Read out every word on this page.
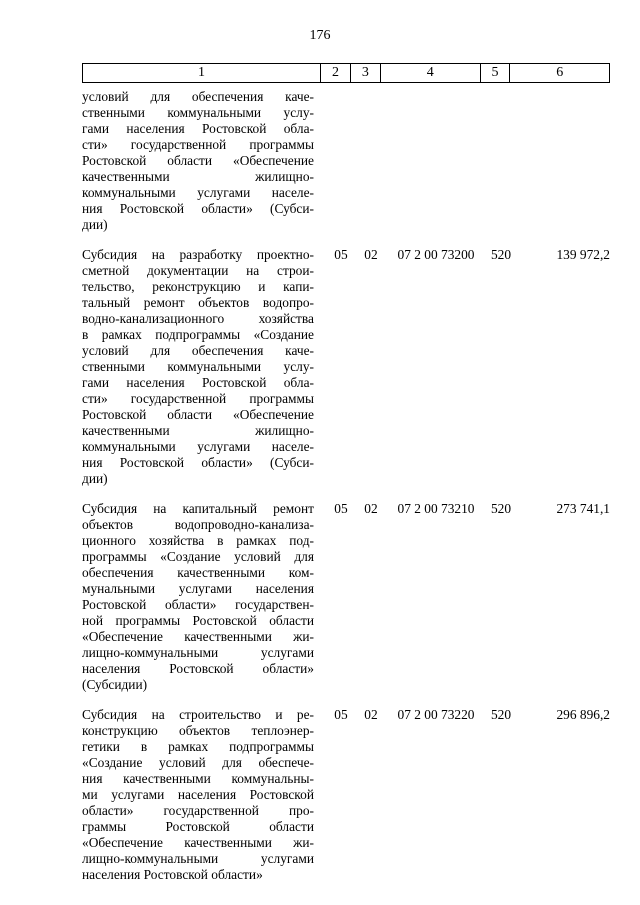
176
1	2	3	4	5	6
условий для обеспечения каче-
ственными коммунальными услу-
гами населения Ростовской обла-
сти» государственной программы
Ростовской области «Обеспечение
качественными жилищно-
коммунальными услугами населе-
ния Ростовской области» (Субси-
дии)
Субсидия на разработку проектно-
сметной документации на строи-
тельство, реконструкцию и капи-
тальный ремонт объектов водопро-
водно-канализационного хозяйства
в рамках подпрограммы «Создание
условий для обеспечения каче-
ственными коммунальными услу-
гами населения Ростовской обла-
сти» государственной программы
Ростовской области «Обеспечение
качественными жилищно-
коммунальными услугами населе-
ния Ростовской области» (Субси-
дии)
05	02	07 2 00 73200	520	139 972,2
Субсидия на капитальный ремонт
объектов водопроводно-канализа-
ционного хозяйства в рамках под-
программы «Создание условий для
обеспечения качественными ком-
мунальными услугами населения
Ростовской области» государствен-
ной программы Ростовской области
«Обеспечение качественными жи-
лищно-коммунальными услугами
населения Ростовской области»
(Субсидии)
05	02	07 2 00 73210	520	273 741,1
Субсидия на строительство и ре-
конструкцию объектов теплоэнер-
гетики в рамках подпрограммы
«Создание условий для обеспече-
ния качественными коммунальны-
ми услугами населения Ростовской
области» государственной про-
граммы Ростовской области
«Обеспечение качественными жи-
лищно-коммунальными услугами
населения Ростовской области»
05	02	07 2 00 73220	520	296 896,2
